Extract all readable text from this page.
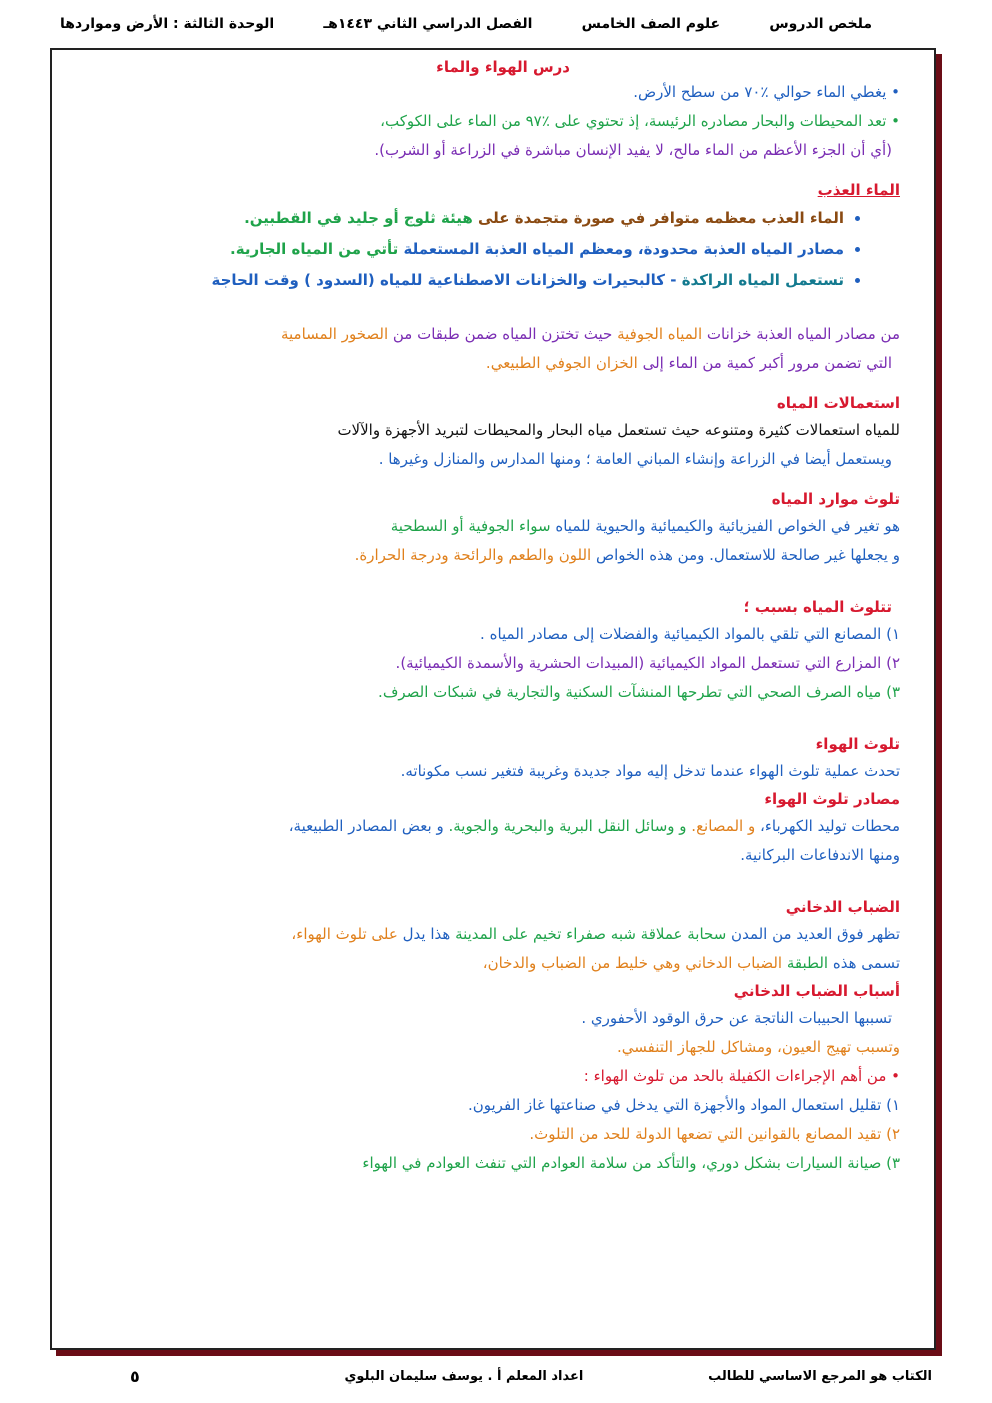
ملخص الدروس
علوم الصف الخامس
الفصل الدراسي الثاني ١٤٤٣هـ
الوحدة الثالثة : الأرض ومواردها
درس الهواء والماء
• يغطي الماء حوالي ٪٧٠ من سطح الأرض.
• تعد المحيطات والبحار مصادره الرئيسة، إذ تحتوي على ٪٩٧ من الماء على الكوكب،
(أي أن الجزء الأعظم من الماء مالح، لا يفيد الإنسان مباشرة في الزراعة أو الشرب).
الماء العذب
• الماء العذب معظمه متوافر في صورة متجمدة على هيئة ثلوج أو جليد في القطبين.
• مصادر المياه العذبة محدودة، ومعظم المياه العذبة المستعملة تأتي من المياه الجارية.
• تستعمل المياه الراكدة - كالبحيرات والخزانات الاصطناعية للمياه (السدود ) وقت الحاجة
من مصادر المياه العذبة خزانات المياه الجوفية حيث تختزن المياه ضمن طبقات من الصخور المسامية
التي تضمن مرور أكبر كمية من الماء إلى الخزان الجوفي الطبيعي.
استعمالات المياه
للمياه استعمالات كثيرة ومتنوعه حيث تستعمل مياه البحار والمحيطات لتبريد الأجهزة والآلات
ويستعمل أيضا في الزراعة وإنشاء المباني العامة ؛ ومنها المدارس والمنازل وغيرها .
تلوث موارد المياه
هو تغير في الخواص الفيزيائية والكيميائية والحيوية للمياه سواء الجوفية أو السطحية
و يجعلها غير صالحة للاستعمال. ومن هذه الخواص اللون والطعم والرائحة ودرجة الحرارة.
تتلوث المياه بسبب ؛
١) المصانع التي تلقي بالمواد الكيميائية والفضلات إلى مصادر المياه .
٢) المزارع التي تستعمل المواد الكيميائية (المبيدات الحشرية والأسمدة الكيميائية).
٣) مياه الصرف الصحي التي تطرحها المنشآت السكنية والتجارية في شبكات الصرف.
تلوث الهواء
تحدث عملية تلوث الهواء عندما تدخل إليه مواد جديدة وغريبة فتغير نسب مكوناته.
مصادر تلوث الهواء
محطات توليد الكهرباء، و المصانع. و وسائل النقل البرية والبحرية والجوية. و بعض المصادر الطبيعية،
ومنها الاندفاعات البركانية.
الضباب الدخاني
تظهر فوق العديد من المدن سحابة عملاقة شبه صفراء تخيم على المدينة هذا يدل على تلوث الهواء،
تسمى هذه الطبقة الضباب الدخاني وهي خليط من الضباب والدخان،
أسباب الضباب الدخاني
تسببها الحبيبات الناتجة عن حرق الوقود الأحفوري .
وتسبب تهيج العيون، ومشاكل للجهاز التنفسي.
• من أهم الإجراءات الكفيلة بالحد من تلوث الهواء :
١) تقليل استعمال المواد والأجهزة التي يدخل في صناعتها غاز الفريون.
٢) تقيد المصانع بالقوانين التي تضعها الدولة للحد من التلوث.
٣) صيانة السيارات بشكل دوري، والتأكد من سلامة العوادم التي تنفث العوادم في الهواء
الكتاب هو المرجع الاساسي للطالب
اعداد المعلم أ . يوسف سليمان البلوي
٥
